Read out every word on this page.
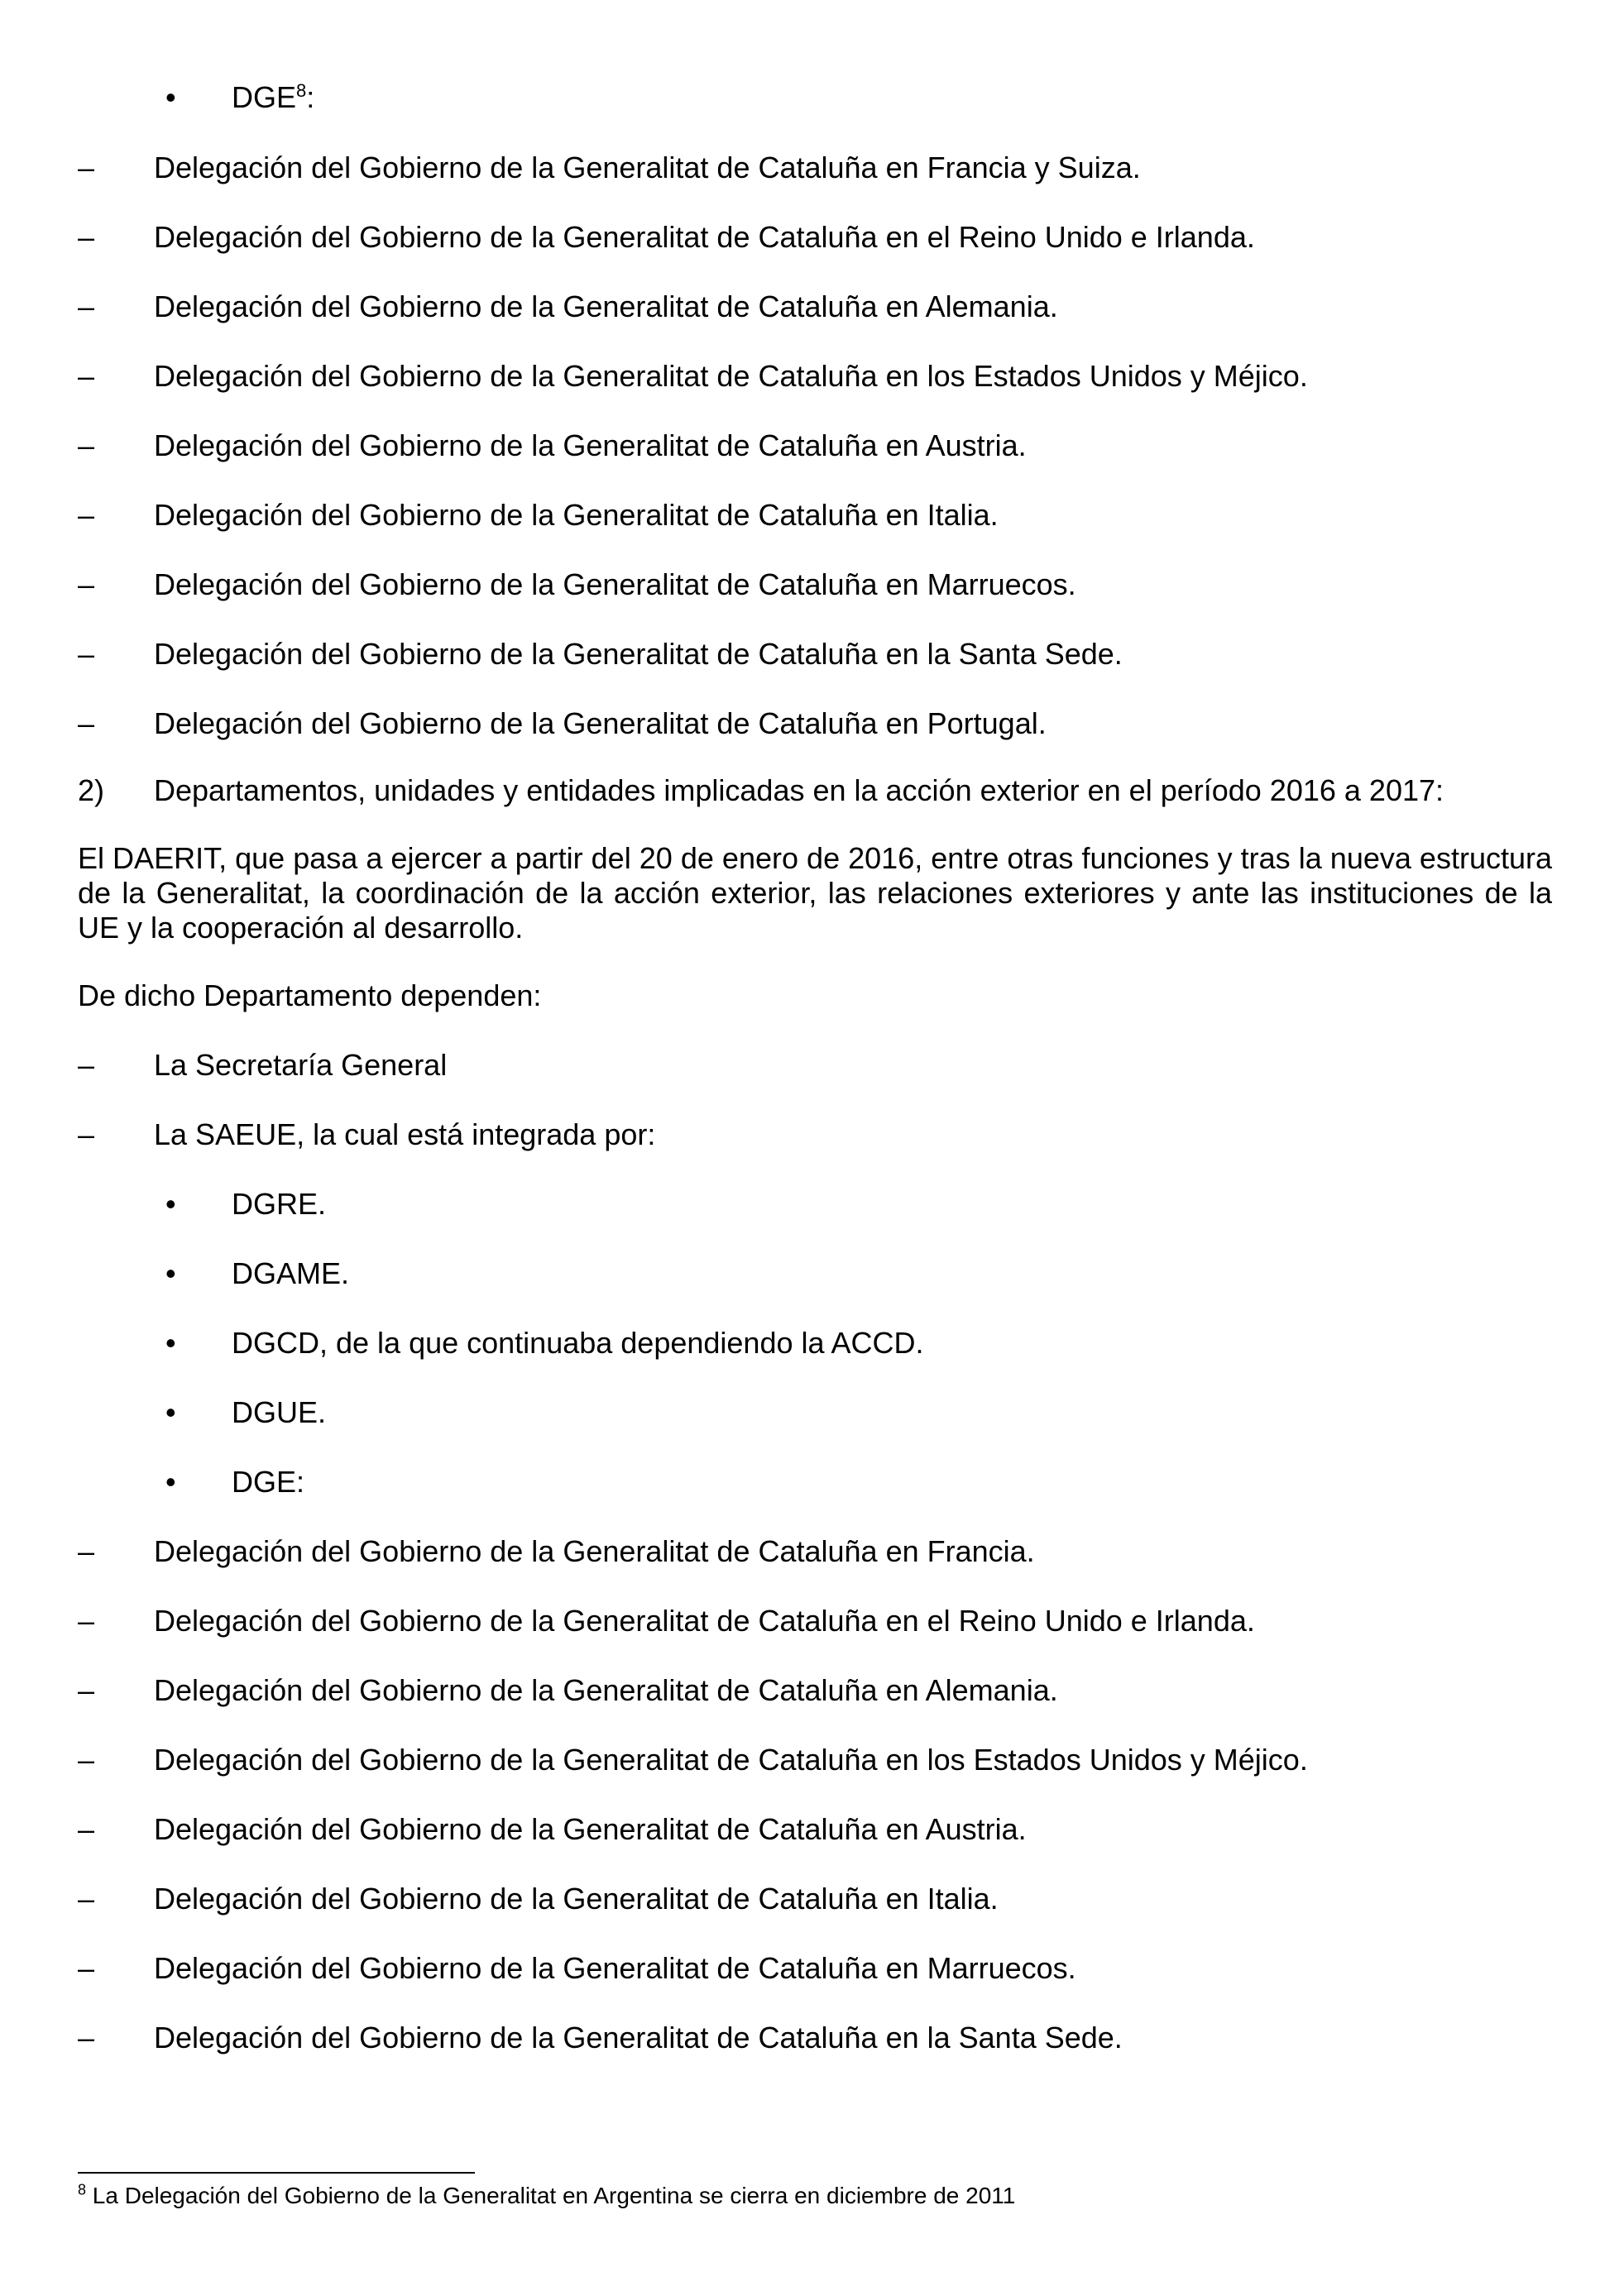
• DGE$^8$:
– Delegación del Gobierno de la Generalitat de Cataluña en Francia y Suiza.
– Delegación del Gobierno de la Generalitat de Cataluña en el Reino Unido e Irlanda.
– Delegación del Gobierno de la Generalitat de Cataluña en Alemania.
– Delegación del Gobierno de la Generalitat de Cataluña en los Estados Unidos y Méjico.
– Delegación del Gobierno de la Generalitat de Cataluña en Austria.
– Delegación del Gobierno de la Generalitat de Cataluña en Italia.
– Delegación del Gobierno de la Generalitat de Cataluña en Marruecos.
– Delegación del Gobierno de la Generalitat de Cataluña en la Santa Sede.
– Delegación del Gobierno de la Generalitat de Cataluña en Portugal.
2) Departamentos, unidades y entidades implicadas en la acción exterior en el período 2016 a 2017:
El DAERIT, que pasa a ejercer a partir del 20 de enero de 2016, entre otras funciones y tras la nueva estructura de la Generalitat, la coordinación de la acción exterior, las relaciones exteriores y ante las instituciones de la UE y la cooperación al desarrollo.
De dicho Departamento dependen:
– La Secretaría General
– La SAEUE, la cual está integrada por:
• DGRE.
• DGAME.
• DGCD, de la que continuaba dependiendo la ACCD.
• DGUE.
• DGE:
– Delegación del Gobierno de la Generalitat de Cataluña en Francia.
– Delegación del Gobierno de la Generalitat de Cataluña en el Reino Unido e Irlanda.
– Delegación del Gobierno de la Generalitat de Cataluña en Alemania.
– Delegación del Gobierno de la Generalitat de Cataluña en los Estados Unidos y Méjico.
– Delegación del Gobierno de la Generalitat de Cataluña en Austria.
– Delegación del Gobierno de la Generalitat de Cataluña en Italia.
– Delegación del Gobierno de la Generalitat de Cataluña en Marruecos.
– Delegación del Gobierno de la Generalitat de Cataluña en la Santa Sede.
$^8$ La Delegación del Gobierno de la Generalitat en Argentina se cierra en diciembre de 2011
